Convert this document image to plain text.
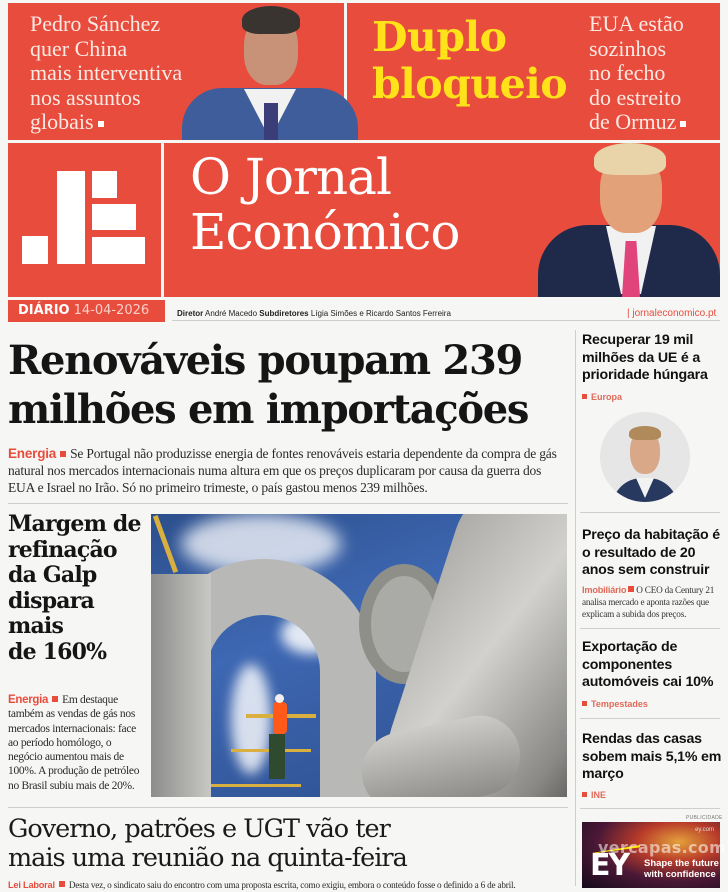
Pedro Sánchez
quer China
mais interventiva
nos assuntos
globais
Duplo
bloqueio
EUA estão
sozinhos
no fecho
do estreito
de Ormuz
O Jornal
Económico
DIÁRIO 14-04-2026	Diretor André Macedo Subdiretores Lígia Simões e Ricardo Santos Ferreira	| jornaleconomico.pt
Renováveis poupam 239
milhões em importações
Energia Se Portugal não produzisse energia de fontes renováveis estaria dependente da compra de gás natural nos mercados internacionais numa altura em que os preços duplicaram por causa da guerra dos EUA e Israel no Irão. Só no primeiro trimeste, o país gastou menos 239 milhões.
Margem de
refinação
da Galp
dispara
mais
de 160%
Energia Em destaque também as vendas de gás nos mercados internacionais: face ao período homólogo, o negócio aumentou mais de 100%. A produção de petróleo no Brasil subiu mais de 20%.
FOTO: CEDIDA
Governo, patrões e UGT vão ter
mais uma reunião na quinta-feira
Lei Laboral Desta vez, o sindicato saiu do encontro com uma proposta escrita, como exigiu, embora o conteúdo fosse o definido a 6 de abril.
Recuperar 19 mil milhões da UE é a prioridade húngara
Europa
Preço da habitação é o resultado de 20 anos sem construir
Imobiliário O CEO da Century 21 analisa mercado e aponta razões que explicam a subida dos preços.
Exportação de componentes automóveis cai 10%
Tempestades
Rendas das casas sobem mais 5,1% em março
INE
PUBLICIDADE
ey.com
EY Shape the future with confidence
vercapas.com
